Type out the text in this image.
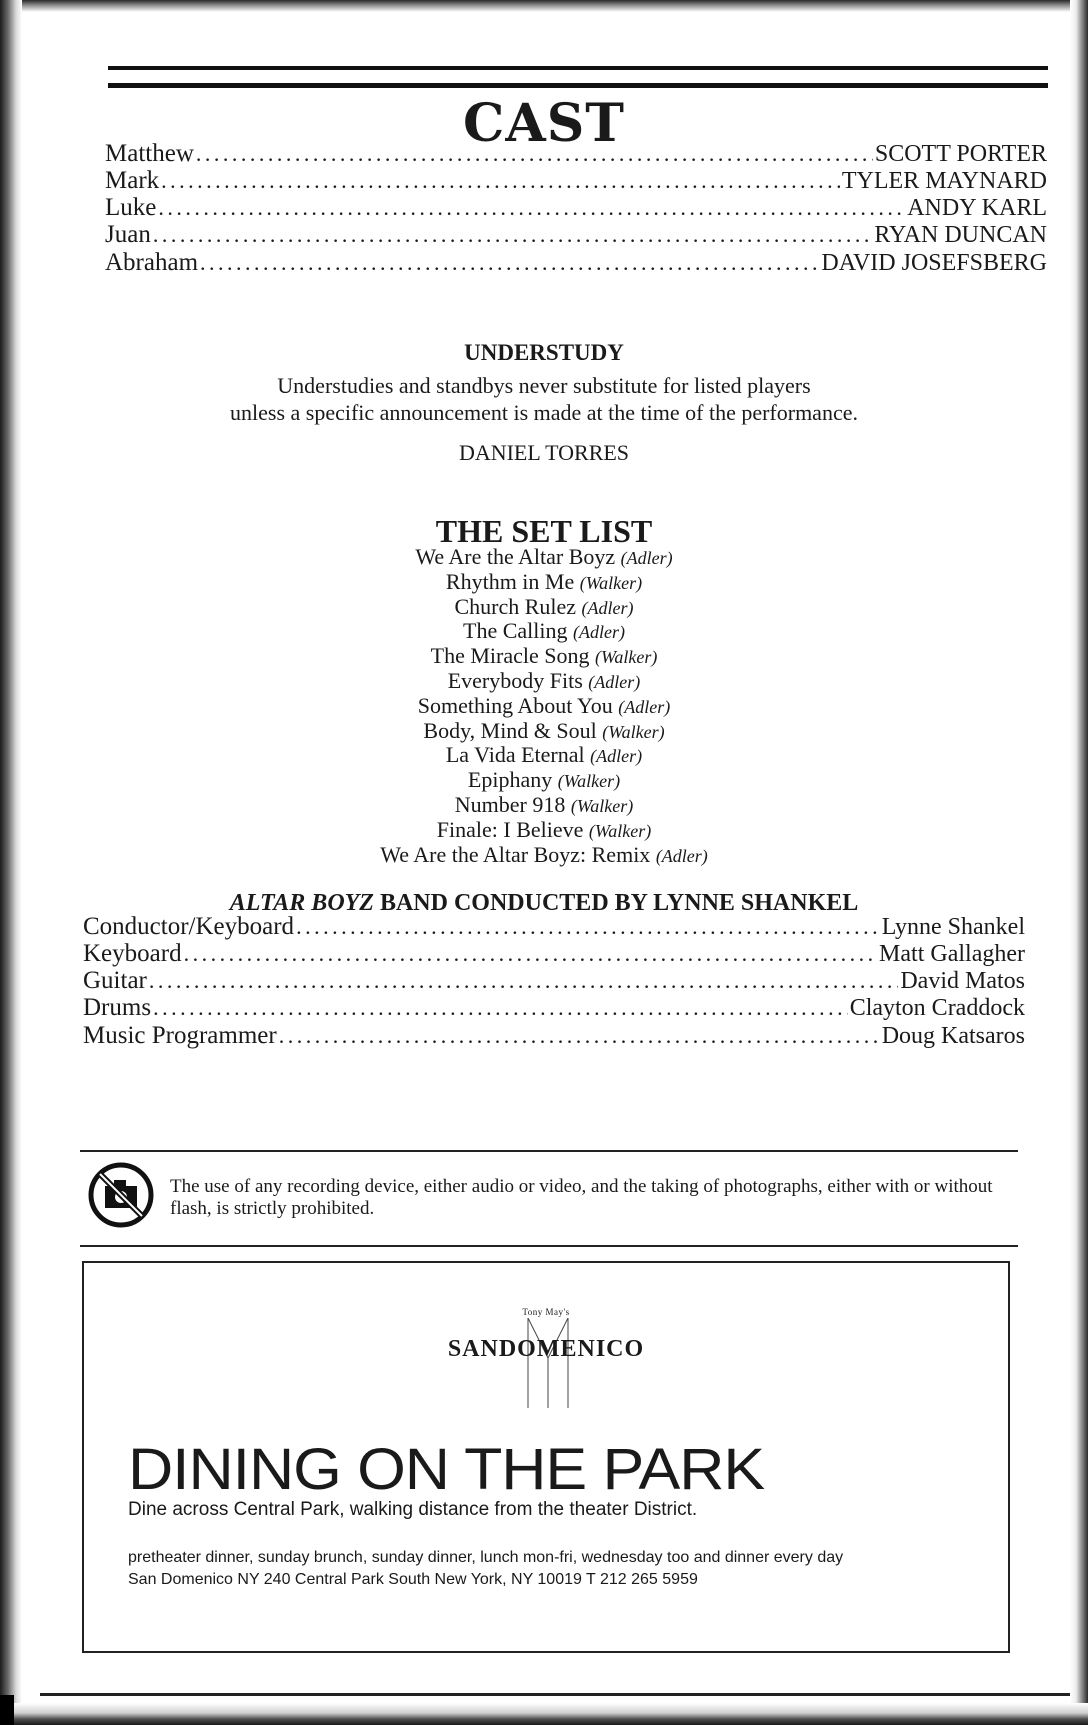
CAST
Matthew . . .	SCOTT PORTER
Mark . . .	TYLER MAYNARD
Luke . . .	ANDY KARL
Juan . . .	RYAN DUNCAN
Abraham . . .	DAVID JOSEFSBERG

UNDERSTUDY

Understudies and standbys never substitute for listed players

unless a specific announcement is made at the time of the performance.

DANIEL TORRES

THE SET LIST

We Are the Altar Boyz (Adler)
Rhythm in Me (Walker)
Church Rulez (Adler)
The Calling (Adler)
The Miracle Song (Walker)
Everybody Fits (Adler)
Something About You (Adler)
Body, Mind & Soul (Walker)
La Vida Eternal (Adler)
Epiphany (Walker)
Number 918 (Walker)
Finale: I Believe (Walker)
We Are the Altar Boyz: Remix (Adler)

ALTAR BOYZ BAND CONDUCTED BY LYNNE SHANKEL

Conductor/Keyboard . . .	Lynne Shankel
Keyboard . . .	Matt Gallagher
Guitar . . .	David Matos
Drums . . .	Clayton Craddock
Music Programmer . . .	Doug Katsaros

The use of any recording device, either audio or video, and the taking of photographs, either with or without flash, is strictly prohibited.

Tony May's

SANDOMENICO

DINING ON THE PARK

Dine across Central Park, walking distance from the theater District.

pretheater dinner, sunday brunch, sunday dinner, lunch mon-fri, wednesday too and dinner every day

San Domenico NY 240 Central Park South New York, NY 10019 T 212 265 5959
